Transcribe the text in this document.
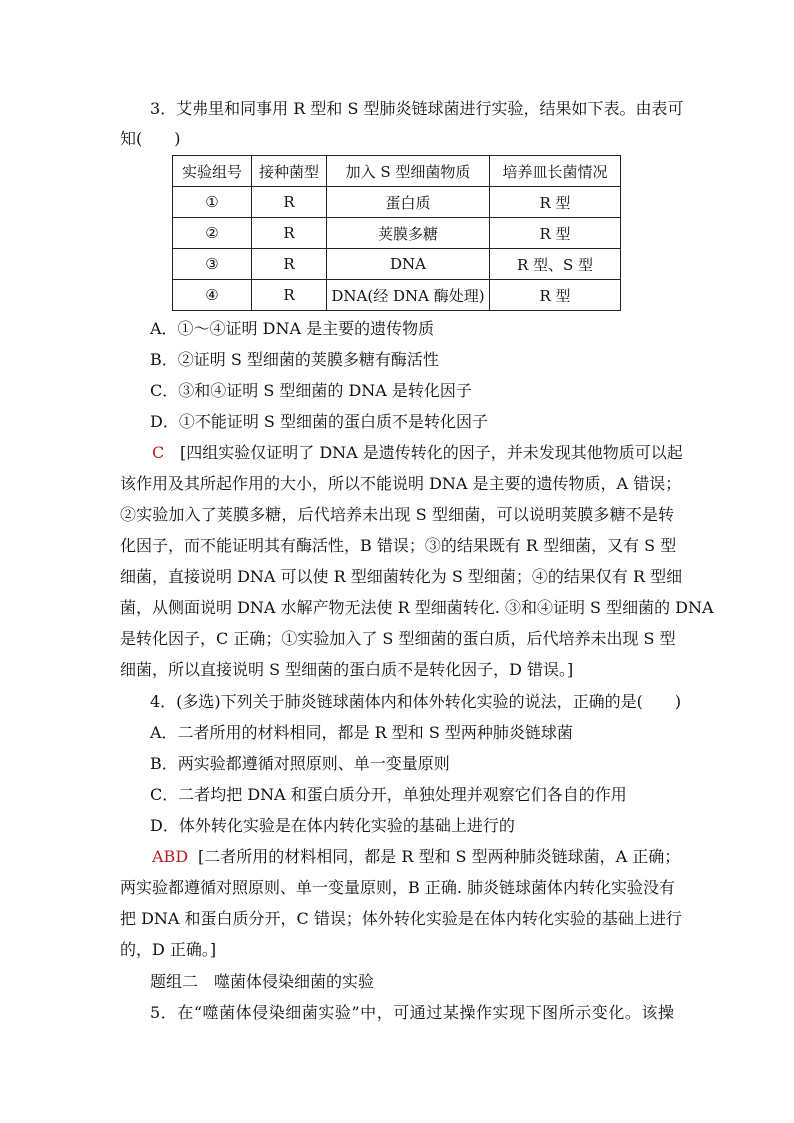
3．艾弗里和同事用 R 型和 S 型肺炎链球菌进行实验，结果如下表。由表可
知(　　)
实验组号	接种菌型	加入 S 型细菌物质	培养皿长菌情况
①	R	蛋白质	R 型
②	R	荚膜多糖	R 型
③	R	DNA	R 型、S 型
④	R	DNA(经 DNA 酶处理)	R 型
A．①～④证明 DNA 是主要的遗传物质
B．②证明 S 型细菌的荚膜多糖有酶活性
C．③和④证明 S 型细菌的 DNA 是转化因子
D．①不能证明 S 型细菌的蛋白质不是转化因子
C [四组实验仅证明了 DNA 是遗传转化的因子，并未发现其他物质可以起
该作用及其所起作用的大小，所以不能说明 DNA 是主要的遗传物质，A 错误；
②实验加入了荚膜多糖，后代培养未出现 S 型细菌，可以说明荚膜多糖不是转
化因子，而不能证明其有酶活性，B 错误；③的结果既有 R 型细菌，又有 S 型
细菌，直接说明 DNA 可以使 R 型细菌转化为 S 型细菌；④的结果仅有 R 型细
菌，从侧面说明 DNA 水解产物无法使 R 型细菌转化. ③和④证明 S 型细菌的 DNA
是转化因子，C 正确；①实验加入了 S 型细菌的蛋白质，后代培养未出现 S 型
细菌，所以直接说明 S 型细菌的蛋白质不是转化因子，D 错误。]
4．(多选)下列关于肺炎链球菌体内和体外转化实验的说法，正确的是(　　)
A．二者所用的材料相同，都是 R 型和 S 型两种肺炎链球菌
B．两实验都遵循对照原则、单一变量原则
C．二者均把 DNA 和蛋白质分开，单独处理并观察它们各自的作用
D．体外转化实验是在体内转化实验的基础上进行的
ABD [二者所用的材料相同，都是 R 型和 S 型两种肺炎链球菌，A 正确；
两实验都遵循对照原则、单一变量原则，B 正确. 肺炎链球菌体内转化实验没有
把 DNA 和蛋白质分开，C 错误；体外转化实验是在体内转化实验的基础上进行
的，D 正确。]
题组二　噬菌体侵染细菌的实验
5．在“噬菌体侵染细菌实验”中，可通过某操作实现下图所示变化。该操
